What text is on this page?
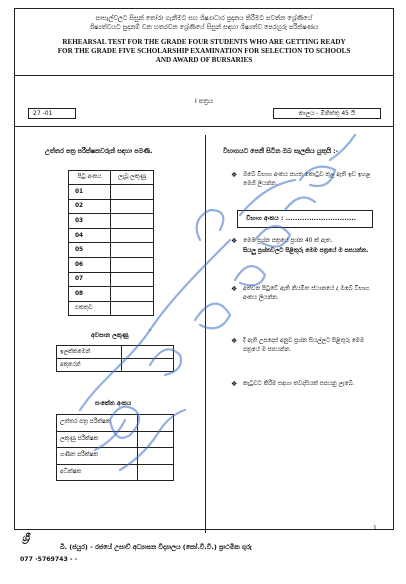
පාසැල්වලට සිසුන් තෝරා ගැනීමට සහ ශිෂ්‍යාධාර ප්‍රදානය කිරීමට පවත්න ශ්‍රේණියේ
ශිෂ්‍යත්වයට සුදානම් වන හතරවන ශ්‍රේණියේ සිසුන් සඳහා ශිෂ්‍යත්ව පෙරහුරු පරීක්ෂණය
REHEARSAL TEST FOR THE GRADE FOUR STUDENTS WHO ARE GETTING READY
FOR THE GRADE FIVE SCHOLARSHIP EXAMINATION FOR SELECTION TO SCHOOLS
AND AWARD OF BURSARIES
I පත්‍රය
27 -01	කාලය - මිනිත්තු 45 යි
උත්තර පත්‍ර පරීක්ෂකවරුන් සඳහා පමණි.
පිටු අංකය	ලැබූ ලකුණු
01	
02	
03	
04	
05	
06	
07	
08	
එකතුව	
අවසාන ලකුණු
ඉලක්කමෙන්	
අකුරෙන්	
සංකේත අංකය
උත්තර පත්‍ර පරීක්ෂක	
ලකුණු පරීක්ෂක	
ගණිත පරීක්ෂක	
අධීක්ෂක	
විභාගයට පෙනී සිටින ඔබ සැලකිය යුතුයි :-
❖ ඔබේ විභාග අංකය පහත කොටුව තුළ ඇති ඉඩ ඉහළ මෙහි ලියන්න.
විභාග අංකය : ..............................
❖ මෙම ප්‍රශ්න පත්‍රයේ ප්‍රශ්න 40 ක් ඇත.
සියලු ප්‍රශ්නවලට පිළිතුරු මෙම පත්‍රයේ ම සපයන්න.
❖ අත්වන පිටුවේ ඇති නියමිත ස්ථානයේ ද ඔබේ විභාග අංකය ලියන්න.
❖ දී ඇති උපදෙස් අනුව ප්‍රශ්න සියල්ලට පිළිතුරු මෙම පත්‍රයේ ම සපයන්න.
❖ කැටුවට කිරීම සඳහා තවදාසියක් සපයනු ලැබේ.
1
ශ්‍රී
බී. (ජයුර) - රජයේ උසාව් අධ්‍යාපන විද්‍යාලය (කෝ.වී.වී.) ප්‍රාථමික ගුරු
077 -5769743 - -
